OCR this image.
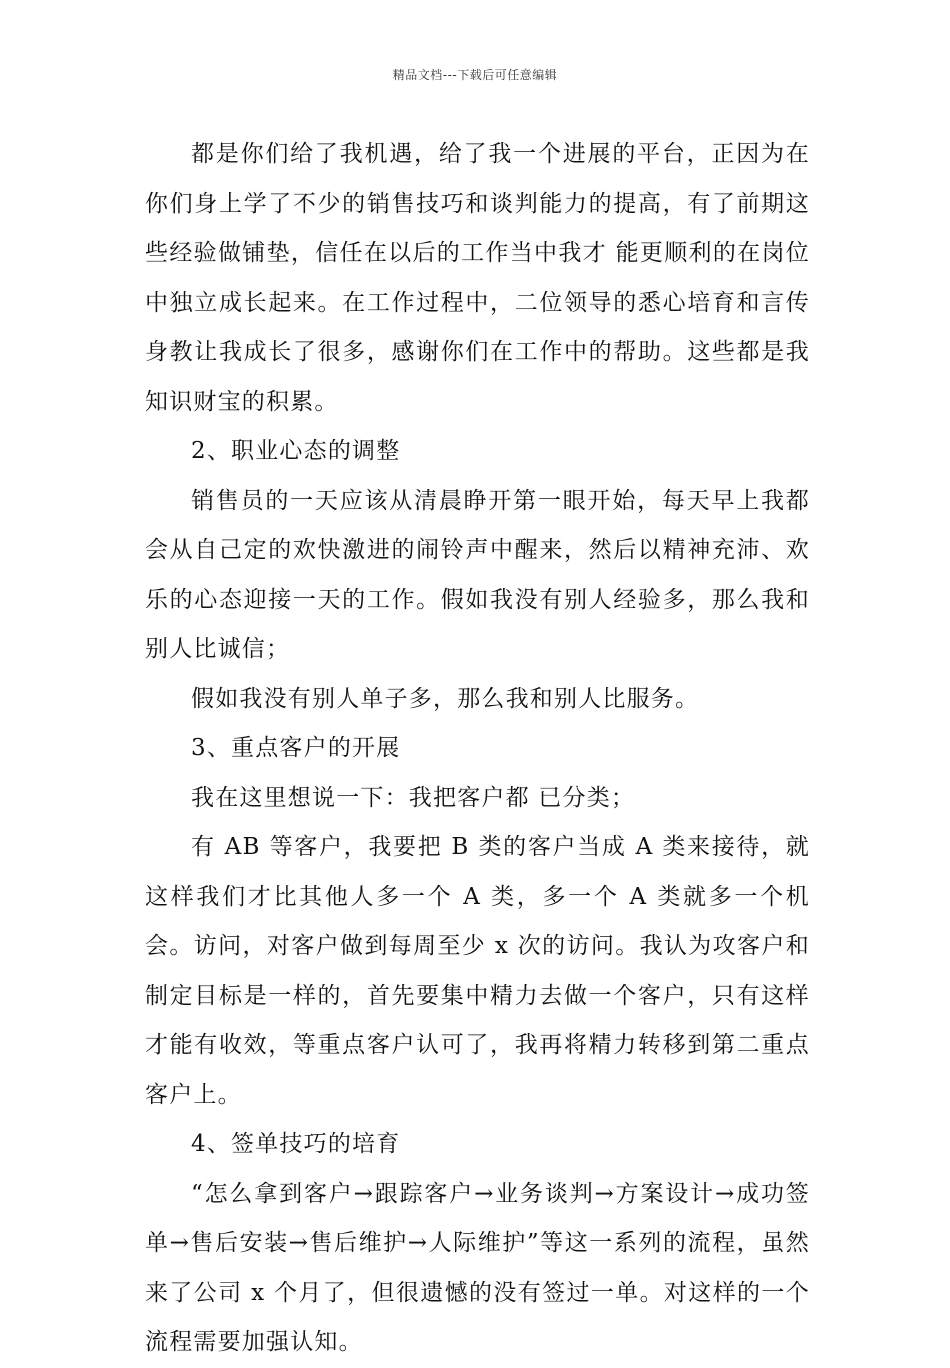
精品文档---下载后可任意编辑

都是你们给了我机遇，给了我一个进展的平台，正因为在你们身上学了不少的销售技巧和谈判能力的提高，有了前期这些经验做铺垫，信任在以后的工作当中我才 能更顺利的在岗位中独立成长起来。在工作过程中，二位领导的悉心培育和言传身教让我成长了很多，感谢你们在工作中的帮助。这些都是我知识财宝的积累。

2、职业心态的调整

销售员的一天应该从清晨睁开第一眼开始，每天早上我都会从自己定的欢快激进的闹铃声中醒来，然后以精神充沛、欢乐的心态迎接一天的工作。假如我没有别人经验多，那么我和别人比诚信；

假如我没有别人单子多，那么我和别人比服务。

3、重点客户的开展

我在这里想说一下：我把客户都 已分类；

有 AB 等客户，我要把 B 类的客户当成 A 类来接待，就这样我们才比其他人多一个 A 类，多一个 A 类就多一个机会。访问，对客户做到每周至少 x 次的访问。我认为攻客户和制定目标是一样的，首先要集中精力去做一个客户，只有这样才能有收效，等重点客户认可了，我再将精力转移到第二重点客户上。

4、签单技巧的培育

“怎么拿到客户→跟踪客户→业务谈判→方案设计→成功签单→售后安装→售后维护→人际维护”等这一系列的流程，虽然来了公司 x 个月了，但很遗憾的没有签过一单。对这样的一个流程需要加强认知。
